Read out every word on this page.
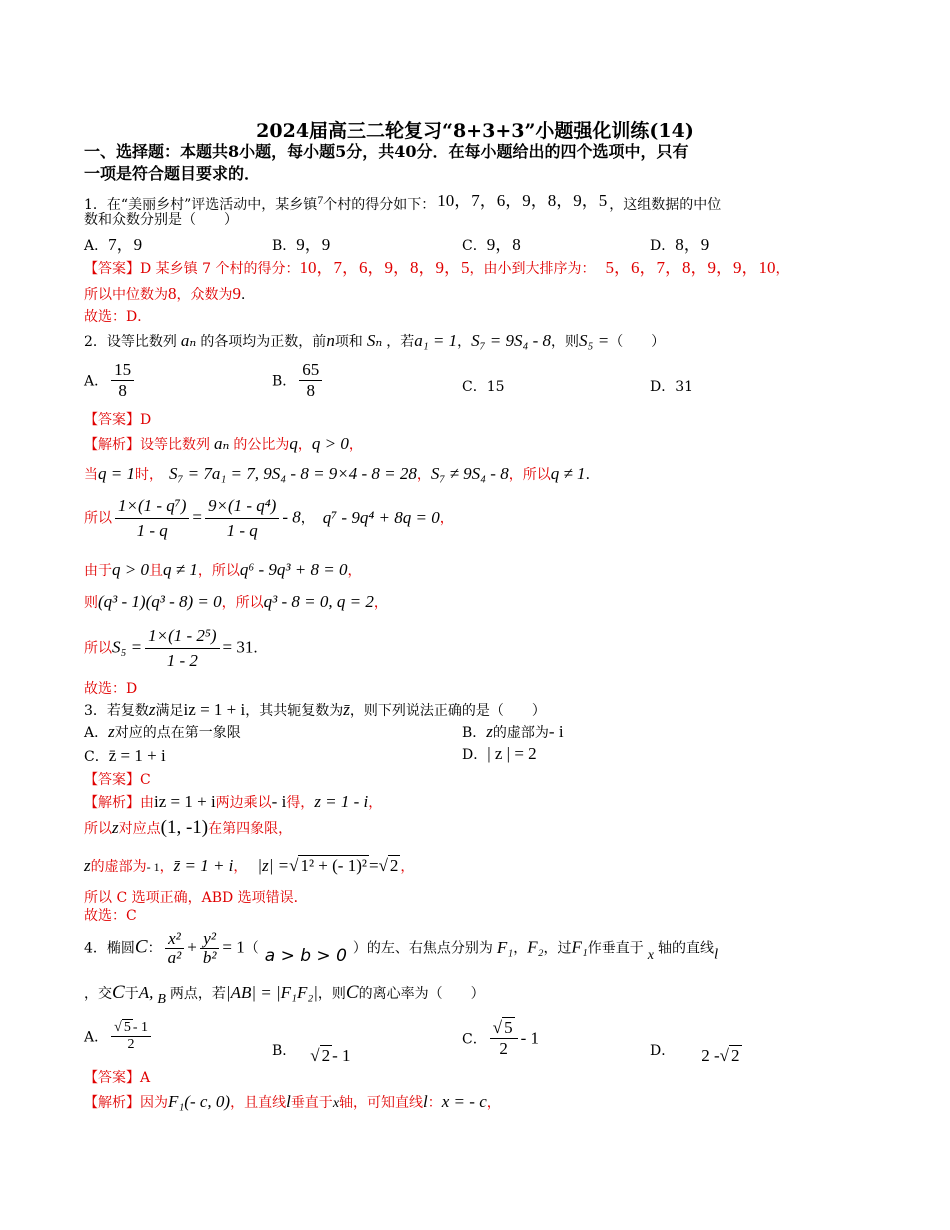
2024届高三二轮复习“8+3+3”小题强化训练(14)
一、选择题：本题共8小题，每小题5分，共40分．在每小题给出的四个选项中，只有
一项是符合题目要求的．
1．在“美丽乡村”评选活动中，某乡镇7个村的得分如下： 10，7，6，9，8，9，5 ，这组数据的中位
数和众数分别是（　　）
A．7，9	B．9，9	C．9，8	D．8，9
【答案】D 某乡镇 7 个村的得分：10，7，6，9，8，9，5，由小到大排序为： 5，6，7，8，9，9，10，
所以中位数为8，众数为9．
故选：D．
2．设等比数列 aₙ 的各项均为正数，前n项和 Sₙ ，若a₁ = 1，S₇ = 9S₄ - 8，则S₅ =（　　）
A． $\frac{15}{8}$	B． $\frac{65}{8}$	C．15	D．31
【答案】D
【解析】设等比数列 aₙ 的公比为q，q > 0，
当q = 1时， S₇ = 7a₁ = 7, 9S₄ - 8 = 9×4 - 8 = 28，S₇ ≠ 9S₄ - 8，所以q ≠ 1．
所以 $\frac{\text{1×(1 - q⁷)}}{1 - q} = \frac{\text{9×(1 - q⁴)}}{1 - q} - 8$， q⁷ - 9q⁴ + 8q = 0，
由于q > 0且q ≠ 1，所以q⁶ - 9q³ + 8 = 0，
则(q³ - 1)(q³ - 8) = 0，所以q³ - 8 = 0, q = 2，
所以$S_5 = \frac{\text{1×(1 - 2⁵)}}{1 - 2} = 31$．
故选：D
3．若复数z满足iz = 1 + i，其共轭复数为z̄，则下列说法正确的是（　　）
A．z对应的点在第一象限	B．z的虚部为- i
C．z̄ = 1 + i	D．| z | = 2
【答案】C
【解析】由iz = 1 + i两边乘以- i得，z = 1 - i，
所以z对应点(1, -1)在第四象限，
z的虚部为- 1，z̄ = 1 + i， |z| =√ 1² + (- 1)² =√ 2 ，
所以 C 选项正确，ABD 选项错误．
故选：C
4．椭圆C： $\frac{\text{x²}}{\text{a²}} + \frac{\text{y²}}{\text{b²}} = 1$（ a > b > 0 ）的左、右焦点分别为 F₁，F₂，过F₁作垂直于 x 轴的直线l
，交C于A, B 两点，若|AB| = |F₁F₂|，则C的离心率为（　　）
A． $\frac{√ 5 - 1}{2}$	B． √ 2 - 1
C． $\frac{√ 5}{2} - 1$
D． 2 -√ 2
【答案】A
【解析】因为F₁(- c, 0)，且直线l垂直于x轴，可知直线l：x = - c，
